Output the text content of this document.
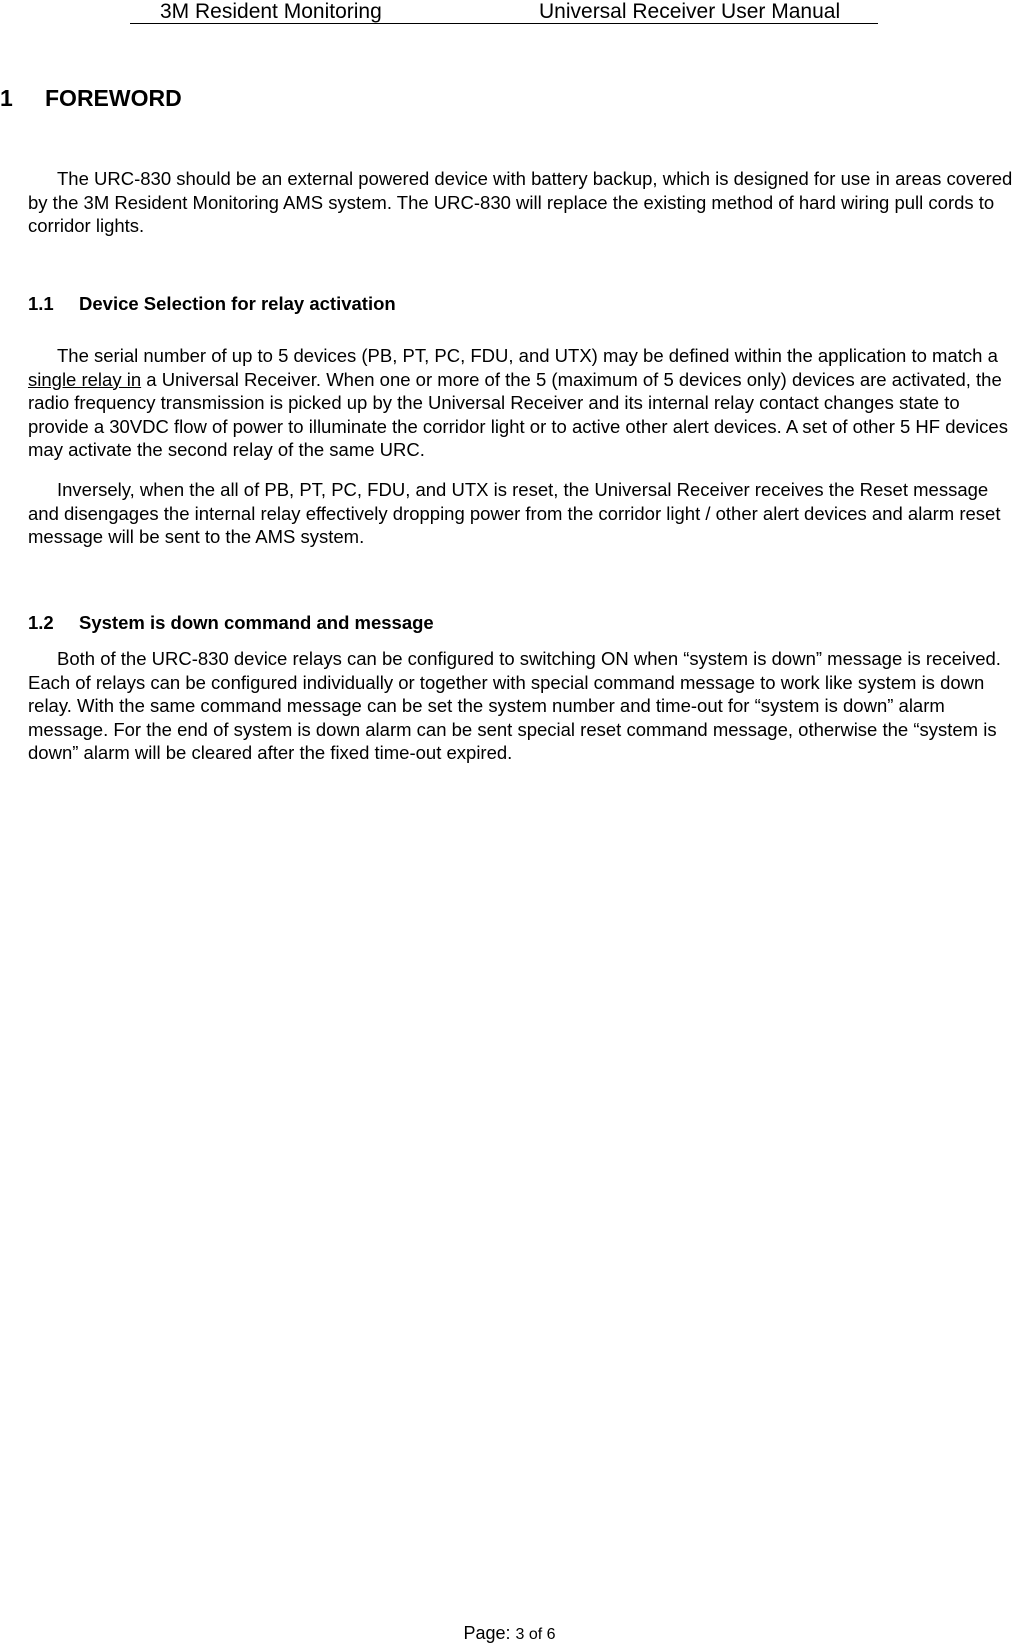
3M Resident Monitoring	Universal Receiver User Manual
1 FOREWORD

The URC-830 should be an external powered device with battery backup, which is designed for use in areas covered by the 3M Resident Monitoring AMS system. The URC-830 will replace the existing method of hard wiring pull cords to corridor lights.

1.1 Device Selection for relay activation

The serial number of up to 5 devices (PB, PT, PC, FDU, and UTX) may be defined within the application to match a single relay in a Universal Receiver. When one or more of the 5 (maximum of 5 devices only) devices are activated, the radio frequency transmission is picked up by the Universal Receiver and its internal relay contact changes state to provide a 30VDC flow of power to illuminate the corridor light or to active other alert devices. A set of other 5 HF devices may activate the second relay of the same URC.

Inversely, when the all of PB, PT, PC, FDU, and UTX is reset, the Universal Receiver receives the Reset message and disengages the internal relay effectively dropping power from the corridor light / other alert devices and alarm reset message will be sent to the AMS system.

1.2 System is down command and message

Both of the URC-830 device relays can be configured to switching ON when “system is down” message is received. Each of relays can be configured individually or together with special command message to work like system is down relay. With the same command message can be set the system number and time-out for “system is down” alarm message. For the end of system is down alarm can be sent special reset command message, otherwise the “system is down” alarm will be cleared after the fixed time-out expired.

Page: 3 of 6
